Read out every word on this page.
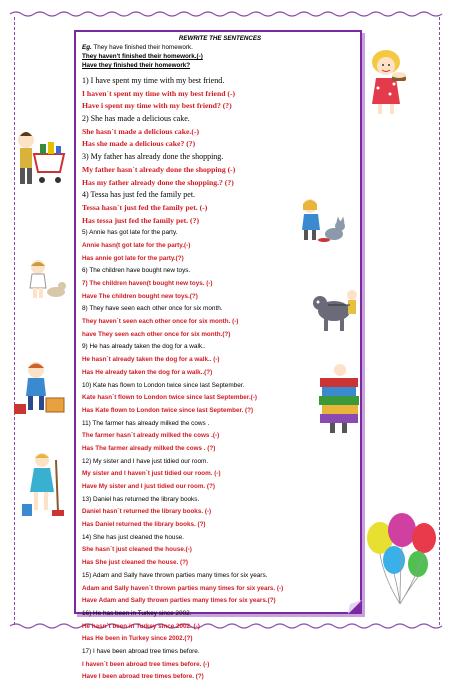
REWRITE THE SENTENCES
Eg. They have finished their homework.
They haven't finished their homework.(-)
Have they finished their homework?
1) I have spent my time with my best friend.
I haven´t spent my time with my best friend (-)
Have i spent my time with my best friend? (?)
2) She has made a delicious cake.
She hasn´t made a delicious cake.(-)
Has she made a delicious cake? (?)
3) My father has already done the shopping.
My father hasn´t already done the shopping (-)
Has my father already done the shopping.? (?)
4) Tessa has just fed the family pet.
Tessa hasn´t just fed the family pet. (-)
Has tessa just fed the family pet. (?)
5) Annie has got late for the party.
Annie hasn(t got late for the party.(-)
Has annie got late for the party.(?)
6) The children have bought new toys.
7) The children haven(t bought new toys. (-)
Have The children bought new toys.(?)
8) They have seen each other once for six month.
They haven´t seen each other once for six month. (-)
have They seen each other once for six month.(?)
9) He has already taken the dog for a walk..
He hasn´t already taken the dog for a walk.. (-)
Has He already taken the dog for a walk..(?)
10) Kate has flown to London twice since last September.
Kate hasn´t flown to London twice since last September.(-)
Has Kate flown to London twice since last September. (?)
11) The farmer has already milked the cows .
The farmer hasn´t already milked the cows .(-)
Has The farmer already milked the cows . (?)
12) My sister and I have just tidied our room.
My sister and I haven´t just tidied our room. (-)
Have My sister and I just tidied our room. (?)
13) Daniel has returned the library books.
Daniel hasn´t returned the library books. (-)
Has Daniel returned the library books. (?)
14) She has just cleaned the house.
She hasn´t just cleaned the house.(-)
Has She just cleaned the house. (?)
15) Adam and Sally have thrown parties many times for six years.
Adam and Sally haven´t thrown parties many times for six years. (-)
Have Adam and Sally thrown parties many times for six years.(?)
16) He has been in Turkey since 2002.
He hasn´t been in Turkey since 2002. (-)
Has He been in Turkey since 2002.(?)
17) I have been abroad tree times before.
I haven´t been abroad tree times before. (-)
Have I been abroad tree times before. (?)
